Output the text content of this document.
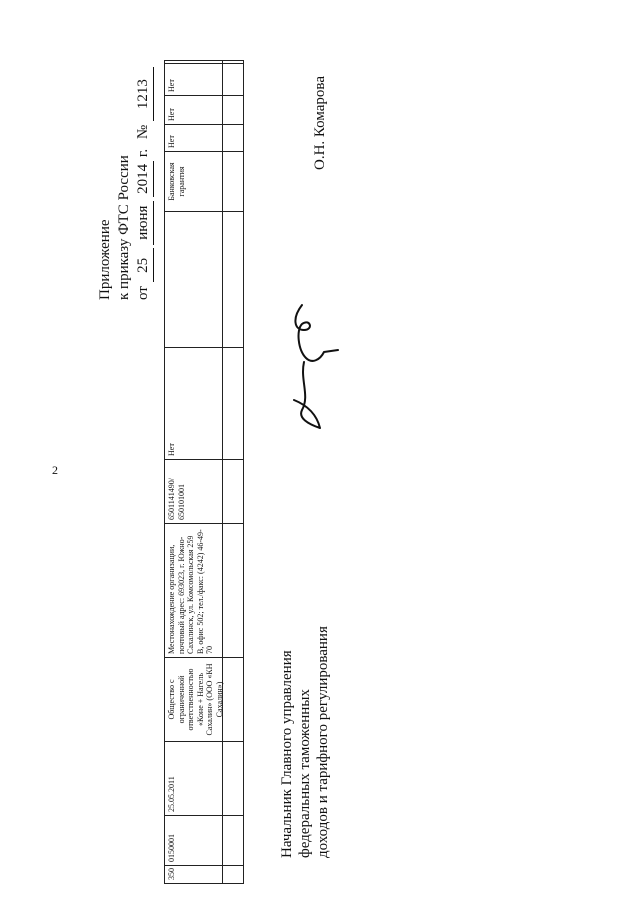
2
Приложение к приказу ФТС России от 25 июня 2014 г. № 1213
350
0150001
25.05.2011
Общество с ограниченной ответственностью «Коне + Нагель Сахалин» (ООО «КН Сахалин»)
Местонахождение организации, почтовый адрес: 693023, г. Южно-Сахалинск, ул. Комсомольская 259 В, офис 502; тел./факс: (4242) 46-49-70
6501141490/ 650101001
Нет
Банковская гарантия
Нет
Нет
Нет
Начальник Главного управления федеральных таможенных доходов и тарифного регулирования
О.Н. Комарова
